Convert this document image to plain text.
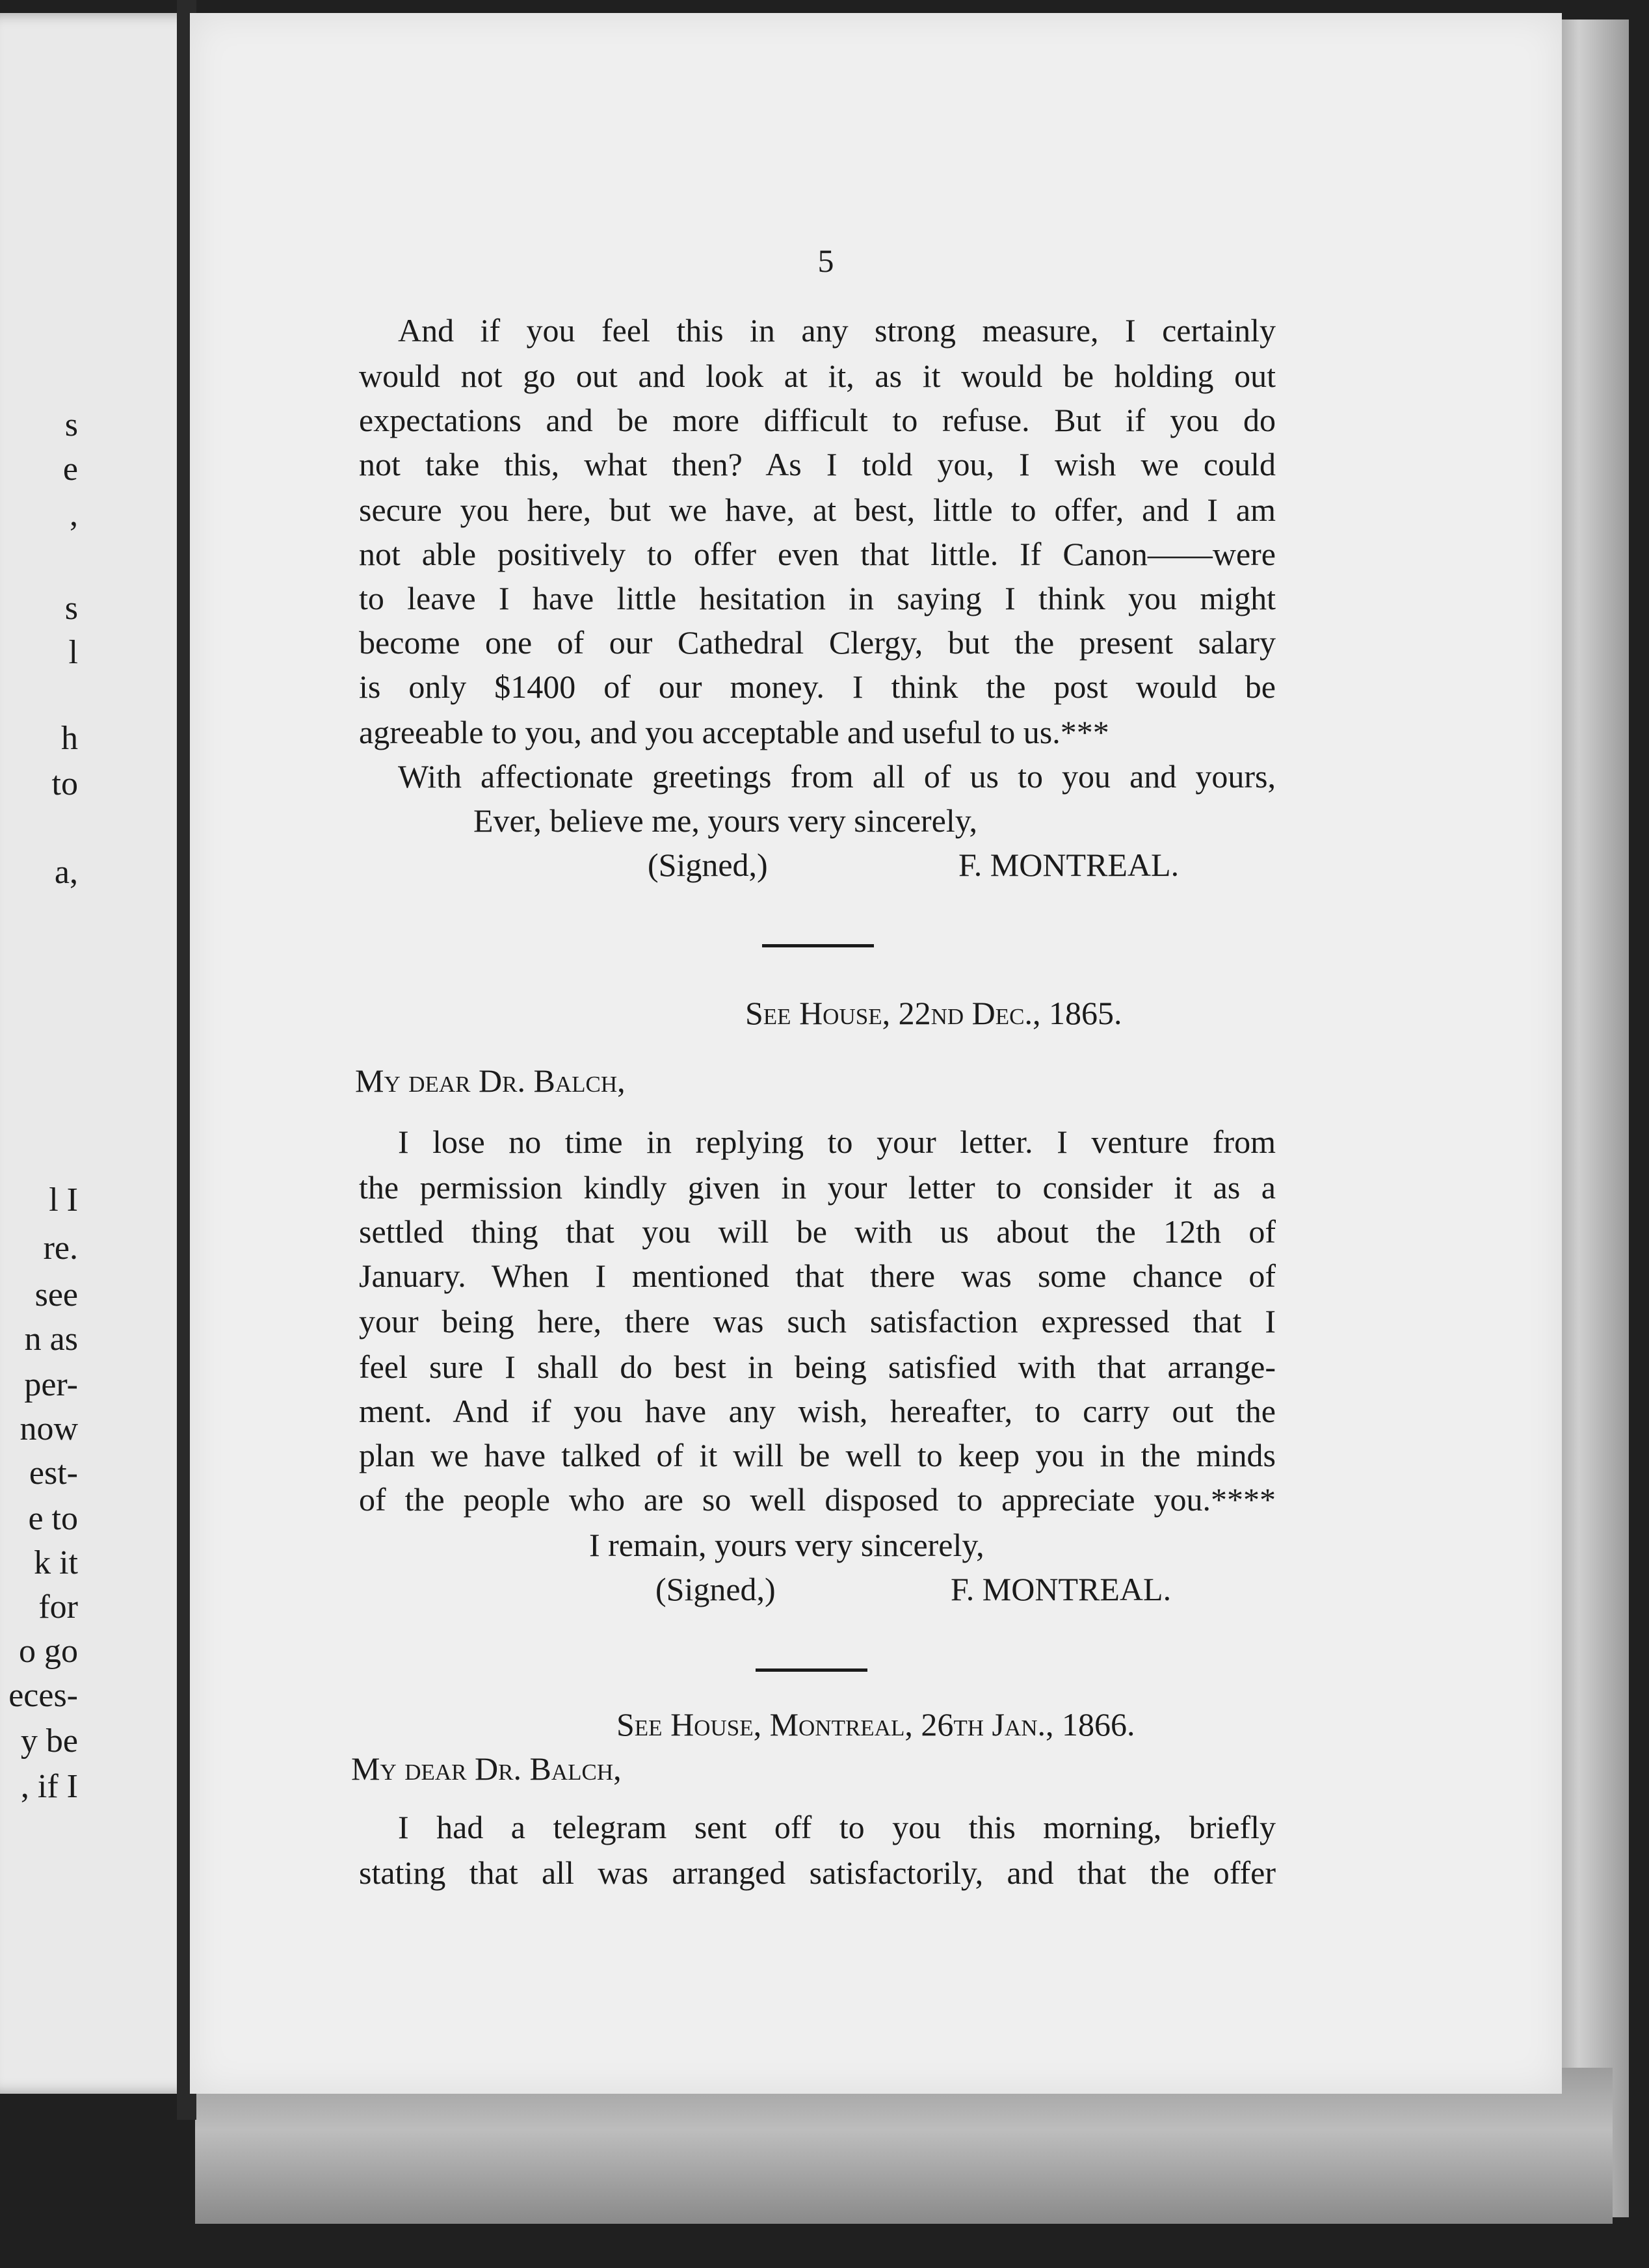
s
e
,
s
l
h
to
a,
l I
re.
see
n as
per-
now
est-
e to
k it
for
o go
eces-
y be
, if I
5
And if you feel this in any strong measure, I certainly
would not go out and look at it, as it would be holding out
expectations and be more difficult to refuse. But if you do
not take this, what then? As I told you, I wish we could
secure you here, but we have, at best, little to offer, and I am
not able positively to offer even that little. If Canon——were
to leave I have little hesitation in saying I think you might
become one of our Cathedral Clergy, but the present salary
is only $1400 of our money. I think the post would be
agreeable to you, and you acceptable and useful to us.***
With affectionate greetings from all of us to you and yours,
Ever, believe me, yours very sincerely,
(Signed,)	F. MONTREAL.
See House, 22nd Dec., 1865.
My dear Dr. Balch,
I lose no time in replying to your letter. I venture from
the permission kindly given in your letter to consider it as a
settled thing that you will be with us about the 12th of
January. When I mentioned that there was some chance of
your being here, there was such satisfaction expressed that I
feel sure I shall do best in being satisfied with that arrange-
ment. And if you have any wish, hereafter, to carry out the
plan we have talked of it will be well to keep you in the minds
of the people who are so well disposed to appreciate you.****
I remain, yours very sincerely,
(Signed,)	F. MONTREAL.
See House, Montreal, 26th Jan., 1866.
My dear Dr. Balch,
I had a telegram sent off to you this morning, briefly
stating that all was arranged satisfactorily, and that the offer
